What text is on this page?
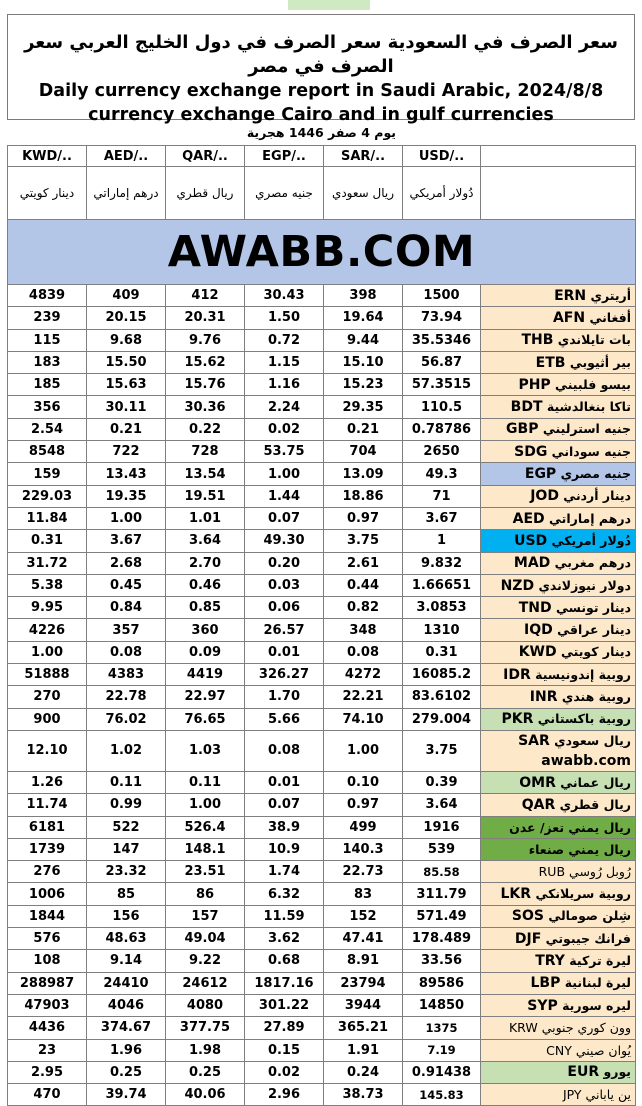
سعر الصرف في السعودية سعر الصرف في دول الخليج العربي سعر الصرف في مصر
Daily currency exchange report in Saudi Arabic, 2024/8/8
currency exchange Cairo and in gulf currencies
يوم 4 صفر 1446 هجرية
KWD/..	AED/..	QAR/..	EGP/..	SAR/..	USD/..	
دينار كويتي	درهم إماراتي	ريال قطري	جنيه مصري	ريال سعودي	دُولار أمريكي	
AWABB.COM						
4839	409	412	30.43	398	1500	أريتري ERN
239	20.15	20.31	1.50	19.64	73.94	أفغاني AFN
115	9.68	9.76	0.72	9.44	35.5346	بات تايلاندي THB
183	15.50	15.62	1.15	15.10	56.87	بير أثيوبي ETB
185	15.63	15.76	1.16	15.23	57.3515	بيسو فلبيني PHP
356	30.11	30.36	2.24	29.35	110.5	تاكا بنغالدشية BDT
2.54	0.21	0.22	0.02	0.21	0.78786	جنيه استرليني GBP
8548	722	728	53.75	704	2650	جنيه سوداني SDG
159	13.43	13.54	1.00	13.09	49.3	جنيه مصري EGP
229.03	19.35	19.51	1.44	18.86	71	دينار أردني JOD
11.84	1.00	1.01	0.07	0.97	3.67	درهم إماراتي AED
0.31	3.67	3.64	49.30	3.75	1	دُولار أمريكي USD
31.72	2.68	2.70	0.20	2.61	9.832	درهم مغربي MAD
5.38	0.45	0.46	0.03	0.44	1.66651	دولار نيوزلاندي NZD
9.95	0.84	0.85	0.06	0.82	3.0853	دينار تونسي TND
4226	357	360	26.57	348	1310	دينار عراقي IQD
1.00	0.08	0.09	0.01	0.08	0.31	دينار كويتي KWD
51888	4383	4419	326.27	4272	16085.2	روبية إندونيسية IDR
270	22.78	22.97	1.70	22.21	83.6102	روبية هندي INR
900	76.02	76.65	5.66	74.10	279.004	روبية باكستاني PKR
12.10	1.02	1.03	0.08	1.00	3.75	ريال سعودي SAR
awabb.com
1.26	0.11	0.11	0.01	0.10	0.39	ريال عماني OMR
11.74	0.99	1.00	0.07	0.97	3.64	ريال قطري QAR
6181	522	526.4	38.9	499	1916	ريال يمني تعز/ عدن
1739	147	148.1	10.9	140.3	539	ريال يمني صنعاء
276	23.32	23.51	1.74	22.73	85.58	رُوبل رُوسي RUB
1006	85	86	6.32	83	311.79	روبية سريلانكي LKR
1844	156	157	11.59	152	571.49	شِلن صومالي SOS
576	48.63	49.04	3.62	47.41	178.489	فرانك جيبوتي DJF
108	9.14	9.22	0.68	8.91	33.56	ليرة تركية TRY
288987	24410	24612	1817.16	23794	89586	ليرة لبنانية LBP
47903	4046	4080	301.22	3944	14850	ليره سورية SYP
4436	374.67	377.75	27.89	365.21	1375	وون كوري جنوبي KRW
23	1.96	1.98	0.15	1.91	7.19	يُوان صيني CNY
2.95	0.25	0.25	0.02	0.24	0.91438	يورو EUR
470	39.74	40.06	2.96	38.73	145.83	ين ياباني JPY
